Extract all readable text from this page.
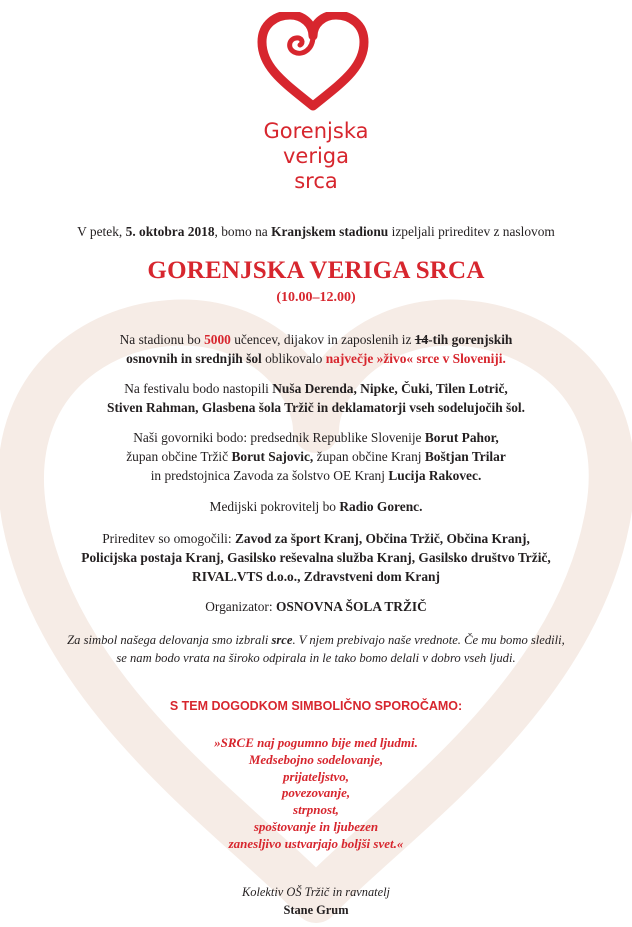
Gorenjska
veriga
srca
V petek, 5. oktobra 2018, bomo na Kranjskem stadionu izpeljali prireditev z naslovom
GORENJSKA VERIGA SRCA
(10.00–12.00)
Na stadionu bo 5000 učencev, dijakov in zaposlenih iz 14-tih gorenjskih
osnovnih in srednjih šol oblikovalo največje »živo« srce v Sloveniji.
Na festivalu bodo nastopili Nuša Derenda, Nipke, Čuki, Tilen Lotrič,
Stiven Rahman, Glasbena šola Tržič in deklamatorji vseh sodelujočih šol.
Naši govorniki bodo: predsednik Republike Slovenije Borut Pahor,
župan občine Tržič Borut Sajovic, župan občine Kranj Boštjan Trilar
in predstojnica Zavoda za šolstvo OE Kranj Lucija Rakovec.
Medijski pokrovitelj bo Radio Gorenc.
Prireditev so omogočili: Zavod za šport Kranj, Občina Tržič, Občina Kranj,
Policijska postaja Kranj, Gasilsko reševalna služba Kranj, Gasilsko društvo Tržič,
RIVAL.VTS d.o.o., Zdravstveni dom Kranj
Organizator: OSNOVNA ŠOLA TRŽIČ
Za simbol našega delovanja smo izbrali srce. V njem prebivajo naše vrednote. Če mu bomo sledili,
se nam bodo vrata na široko odpirala in le tako bomo delali v dobro vseh ljudi.
S TEM DOGODKOM SIMBOLIČNO SPOROČAMO:
»SRCE naj pogumno bije med ljudmi.
Medsebojno sodelovanje,
prijateljstvo,
povezovanje,
strpnost,
spoštovanje in ljubezen
zanesljivo ustvarjajo boljši svet.«
Kolektiv OŠ Tržič in ravnatelj
Stane Grum
